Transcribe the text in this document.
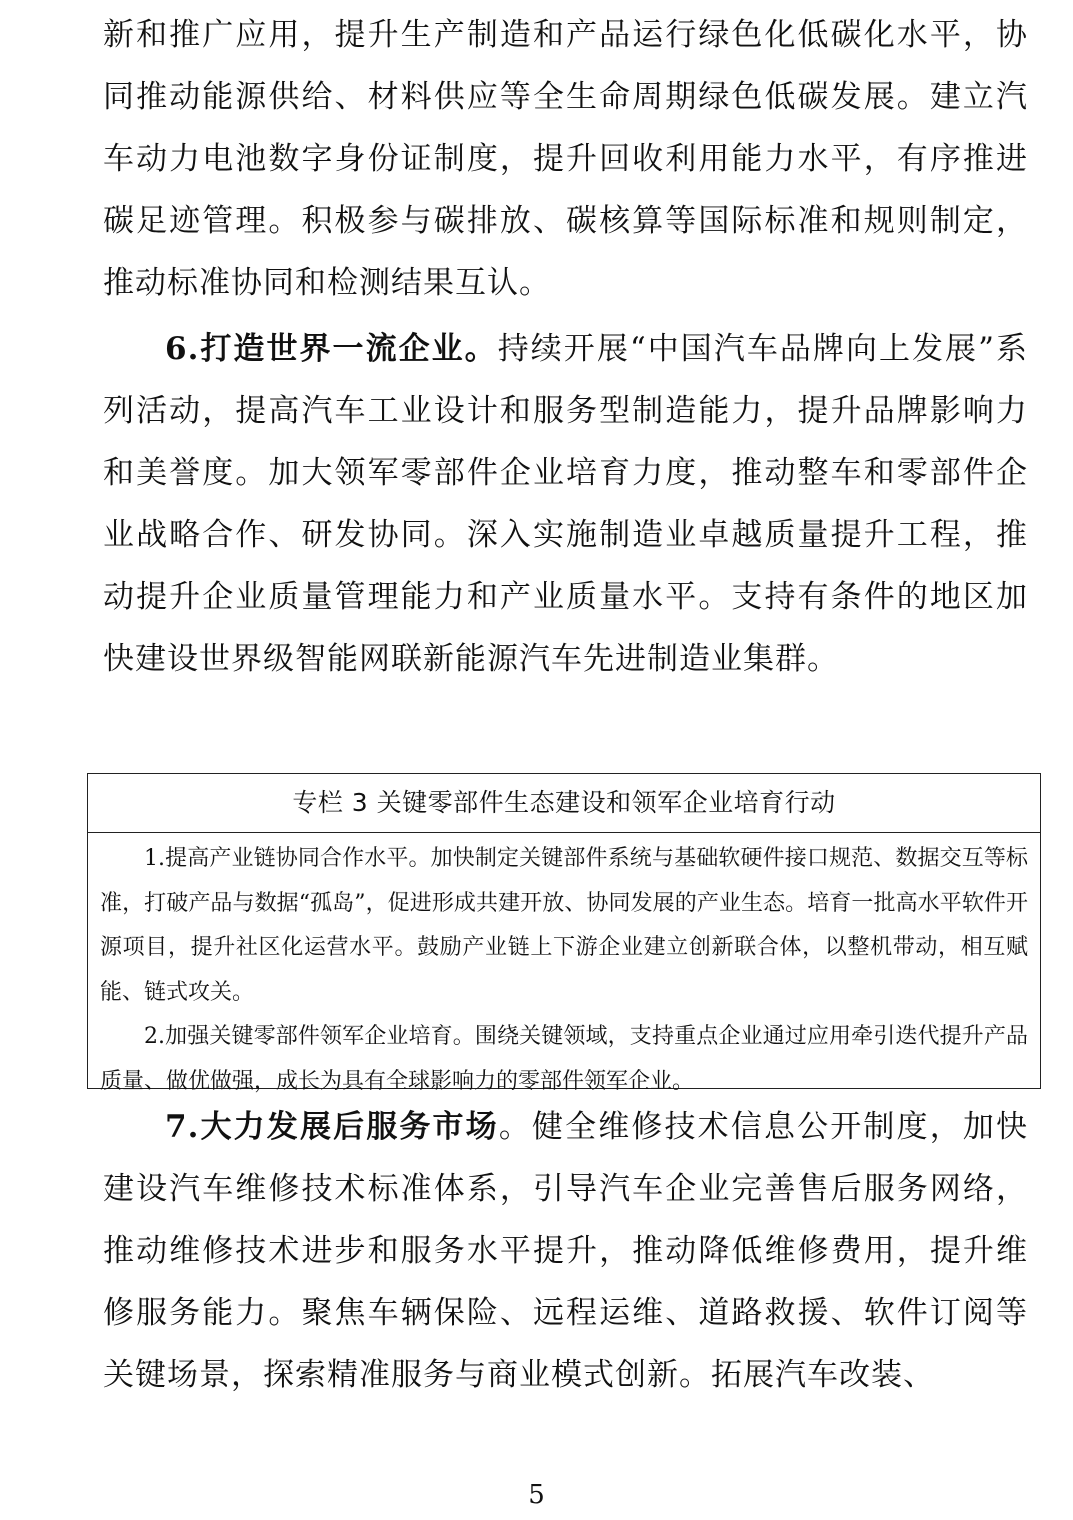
新和推广应用，提升生产制造和产品运行绿色化低碳化水平，协同推动能源供给、材料供应等全生命周期绿色低碳发展。建立汽车动力电池数字身份证制度，提升回收利用能力水平，有序推进碳足迹管理。积极参与碳排放、碳核算等国际标准和规则制定，推动标准协同和检测结果互认。

6.打造世界一流企业。持续开展“中国汽车品牌向上发展”系列活动，提高汽车工业设计和服务型制造能力，提升品牌影响力和美誉度。加大领军零部件企业培育力度，推动整车和零部件企业战略合作、研发协同。深入实施制造业卓越质量提升工程，推动提升企业质量管理能力和产业质量水平。支持有条件的地区加快建设世界级智能网联新能源汽车先进制造业集群。

专栏 3 关键零部件生态建设和领军企业培育行动

1.提高产业链协同合作水平。加快制定关键部件系统与基础软硬件接口规范、数据交互等标准，打破产品与数据“孤岛”，促进形成共建开放、协同发展的产业生态。培育一批高水平软件开源项目，提升社区化运营水平。鼓励产业链上下游企业建立创新联合体，以整机带动，相互赋能、链式攻关。

2.加强关键零部件领军企业培育。围绕关键领域，支持重点企业通过应用牵引迭代提升产品质量、做优做强，成长为具有全球影响力的零部件领军企业。

7.大力发展后服务市场。健全维修技术信息公开制度，加快建设汽车维修技术标准体系，引导汽车企业完善售后服务网络，推动维修技术进步和服务水平提升，推动降低维修费用，提升维修服务能力。聚焦车辆保险、远程运维、道路救援、软件订阅等关键场景，探索精准服务与商业模式创新。拓展汽车改装、

5
